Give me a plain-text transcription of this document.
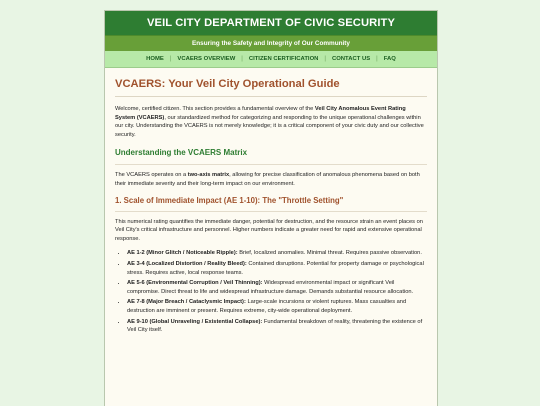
VEIL CITY DEPARTMENT OF CIVIC SECURITY
Ensuring the Safety and Integrity of Our Community
HOME	|	VCAERS OVERVIEW	|	CITIZEN CERTIFICATION	|	CONTACT US	|	FAQ
VCAERS: Your Veil City Operational Guide

Welcome, certified citizen. This section provides a fundamental overview of the Veil City Anomalous Event Rating System (VCAERS), our standardized method for categorizing and responding to the unique operational challenges within our city. Understanding the VCAERS is not merely knowledge; it is a critical component of your civic duty and our collective security.

Understanding the VCAERS Matrix

The VCAERS operates on a two-axis matrix, allowing for precise classification of anomalous phenomena based on both their immediate severity and their long-term impact on our environment.

1. Scale of Immediate Impact (AE 1-10): The "Throttle Setting"

This numerical rating quantifies the immediate danger, potential for destruction, and the resource strain an event places on Veil City's critical infrastructure and personnel. Higher numbers indicate a greater need for rapid and extensive operational response.

• AE 1-2 (Minor Glitch / Noticeable Ripple): Brief, localized anomalies. Minimal threat. Requires passive observation.
• AE 3-4 (Localized Distortion / Reality Bleed): Contained disruptions. Potential for property damage or psychological stress. Requires active, local response teams.
• AE 5-6 (Environmental Corruption / Veil Thinning): Widespread environmental impact or significant Veil compromise. Direct threat to life and widespread infrastructure damage. Demands substantial resource allocation.
• AE 7-8 (Major Breach / Cataclysmic Impact): Large-scale incursions or violent ruptures. Mass casualties and destruction are imminent or present. Requires extreme, city-wide operational deployment.
• AE 9-10 (Global Unraveling / Existential Collapse): Fundamental breakdown of reality, threatening the existence of Veil City itself.
